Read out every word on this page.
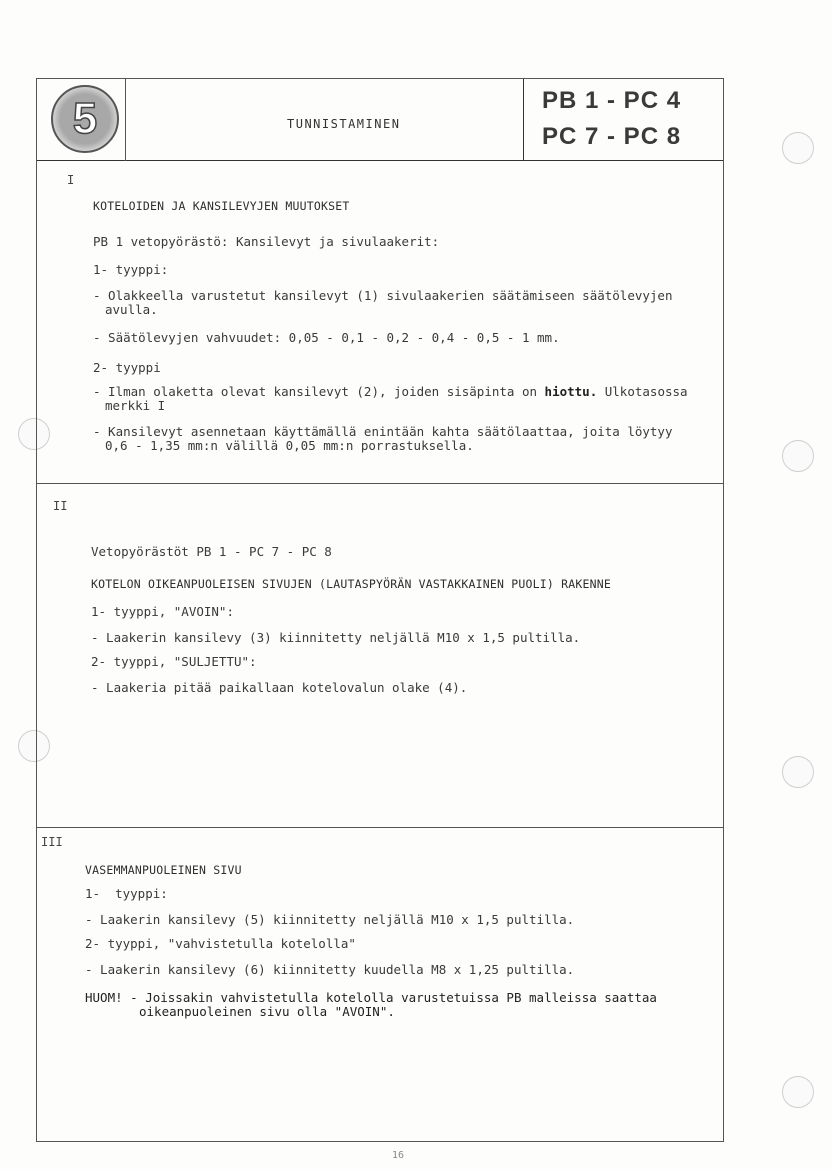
5	TUNNISTAMINEN
PB 1 - PC 4
PC 7 - PC 8
I
KOTELOIDEN JA KANSILEVYJEN MUUTOKSET
PB 1 vetopyörästö: Kansilevyt ja sivulaakerit:
1- tyyppi:
- Olakkeella varustetut kansilevyt (1) sivulaakerien säätämiseen säätölevyjen
avulla.
- Säätölevyjen vahvuudet: 0,05 - 0,1 - 0,2 - 0,4 - 0,5 - 1 mm.
2- tyyppi
- Ilman olaketta olevat kansilevyt (2), joiden sisäpinta on hiottu. Ulkotasossa
merkki I
- Kansilevyt asennetaan käyttämällä enintään kahta säätölaattaa, joita löytyy
0,6 - 1,35 mm:n välillä 0,05 mm:n porrastuksella.
II
Vetopyörästöt PB 1 - PC 7 - PC 8
KOTELON OIKEANPUOLEISEN SIVUJEN (LAUTASPYÖRÄN VASTAKKAINEN PUOLI) RAKENNE
1- tyyppi, "AVOIN":
- Laakerin kansilevy (3) kiinnitetty neljällä M10 x 1,5 pultilla.
2- tyyppi, "SULJETTU":
- Laakeria pitää paikallaan kotelovalun olake (4).
III
VASEMMANPUOLEINEN SIVU
1-  tyyppi:
- Laakerin kansilevy (5) kiinnitetty neljällä M10 x 1,5 pultilla.
2- tyyppi, "vahvistetulla kotelolla"
- Laakerin kansilevy (6) kiinnitetty kuudella M8 x 1,25 pultilla.
HUOM! - Joissakin vahvistetulla kotelolla varustetuissa PB malleissa saattaa
oikeanpuoleinen sivu olla "AVOIN".
16
